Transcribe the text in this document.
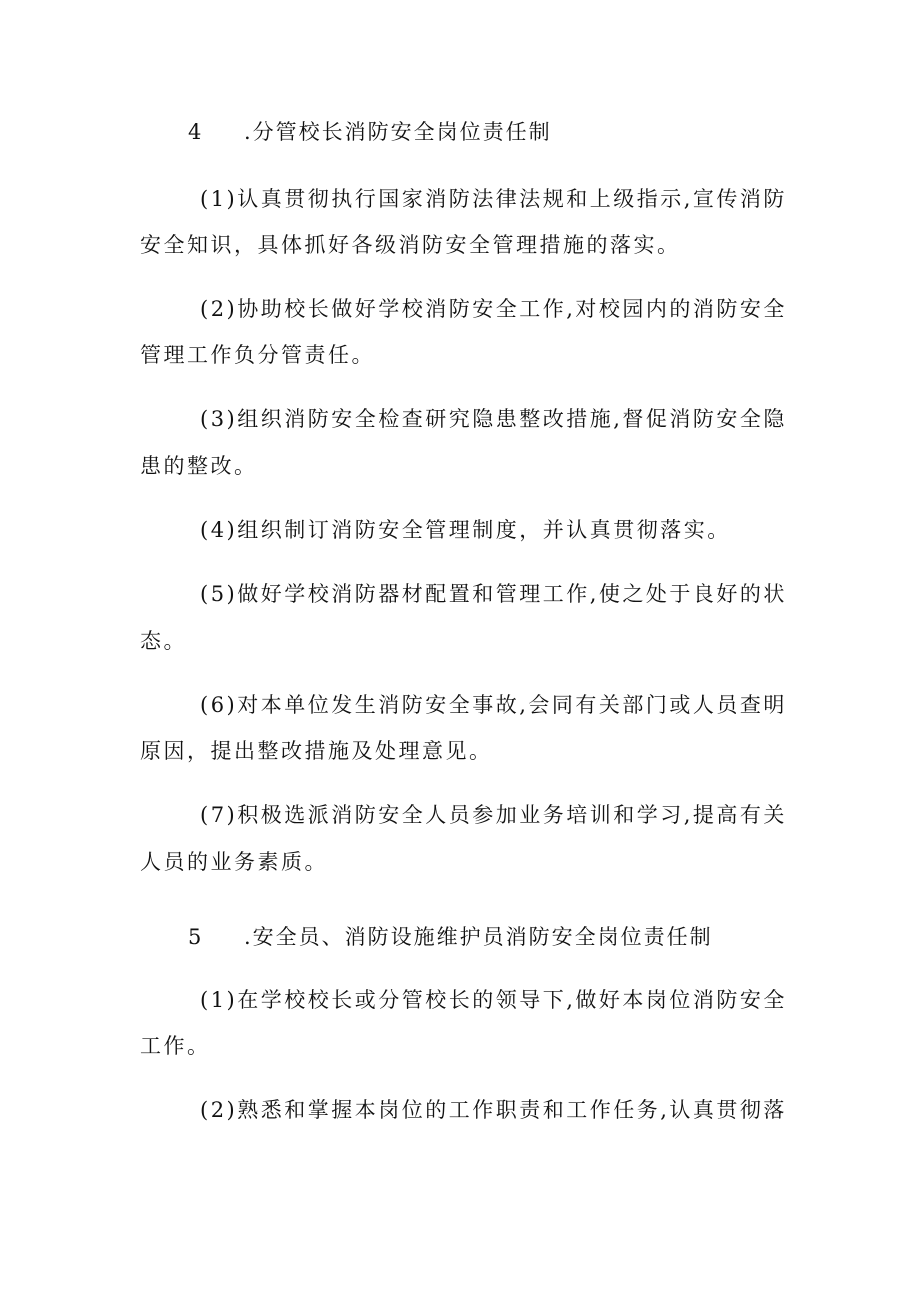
4 .分管校长消防安全岗位责任制
(1)认真贯彻执行国家消防法律法规和上级指示,宣传消防
安全知识，具体抓好各级消防安全管理措施的落实。
(2)协助校长做好学校消防安全工作,对校园内的消防安全
管理工作负分管责任。
(3)组织消防安全检查研究隐患整改措施,督促消防安全隐
患的整改。
(4)组织制订消防安全管理制度，并认真贯彻落实。
(5)做好学校消防器材配置和管理工作,使之处于良好的状
态。
(6)对本单位发生消防安全事故,会同有关部门或人员查明
原因，提出整改措施及处理意见。
(7)积极选派消防安全人员参加业务培训和学习,提高有关
人员的业务素质。
5 .安全员、消防设施维护员消防安全岗位责任制
(1)在学校校长或分管校长的领导下,做好本岗位消防安全
工作。
(2)熟悉和掌握本岗位的工作职责和工作任务,认真贯彻落
